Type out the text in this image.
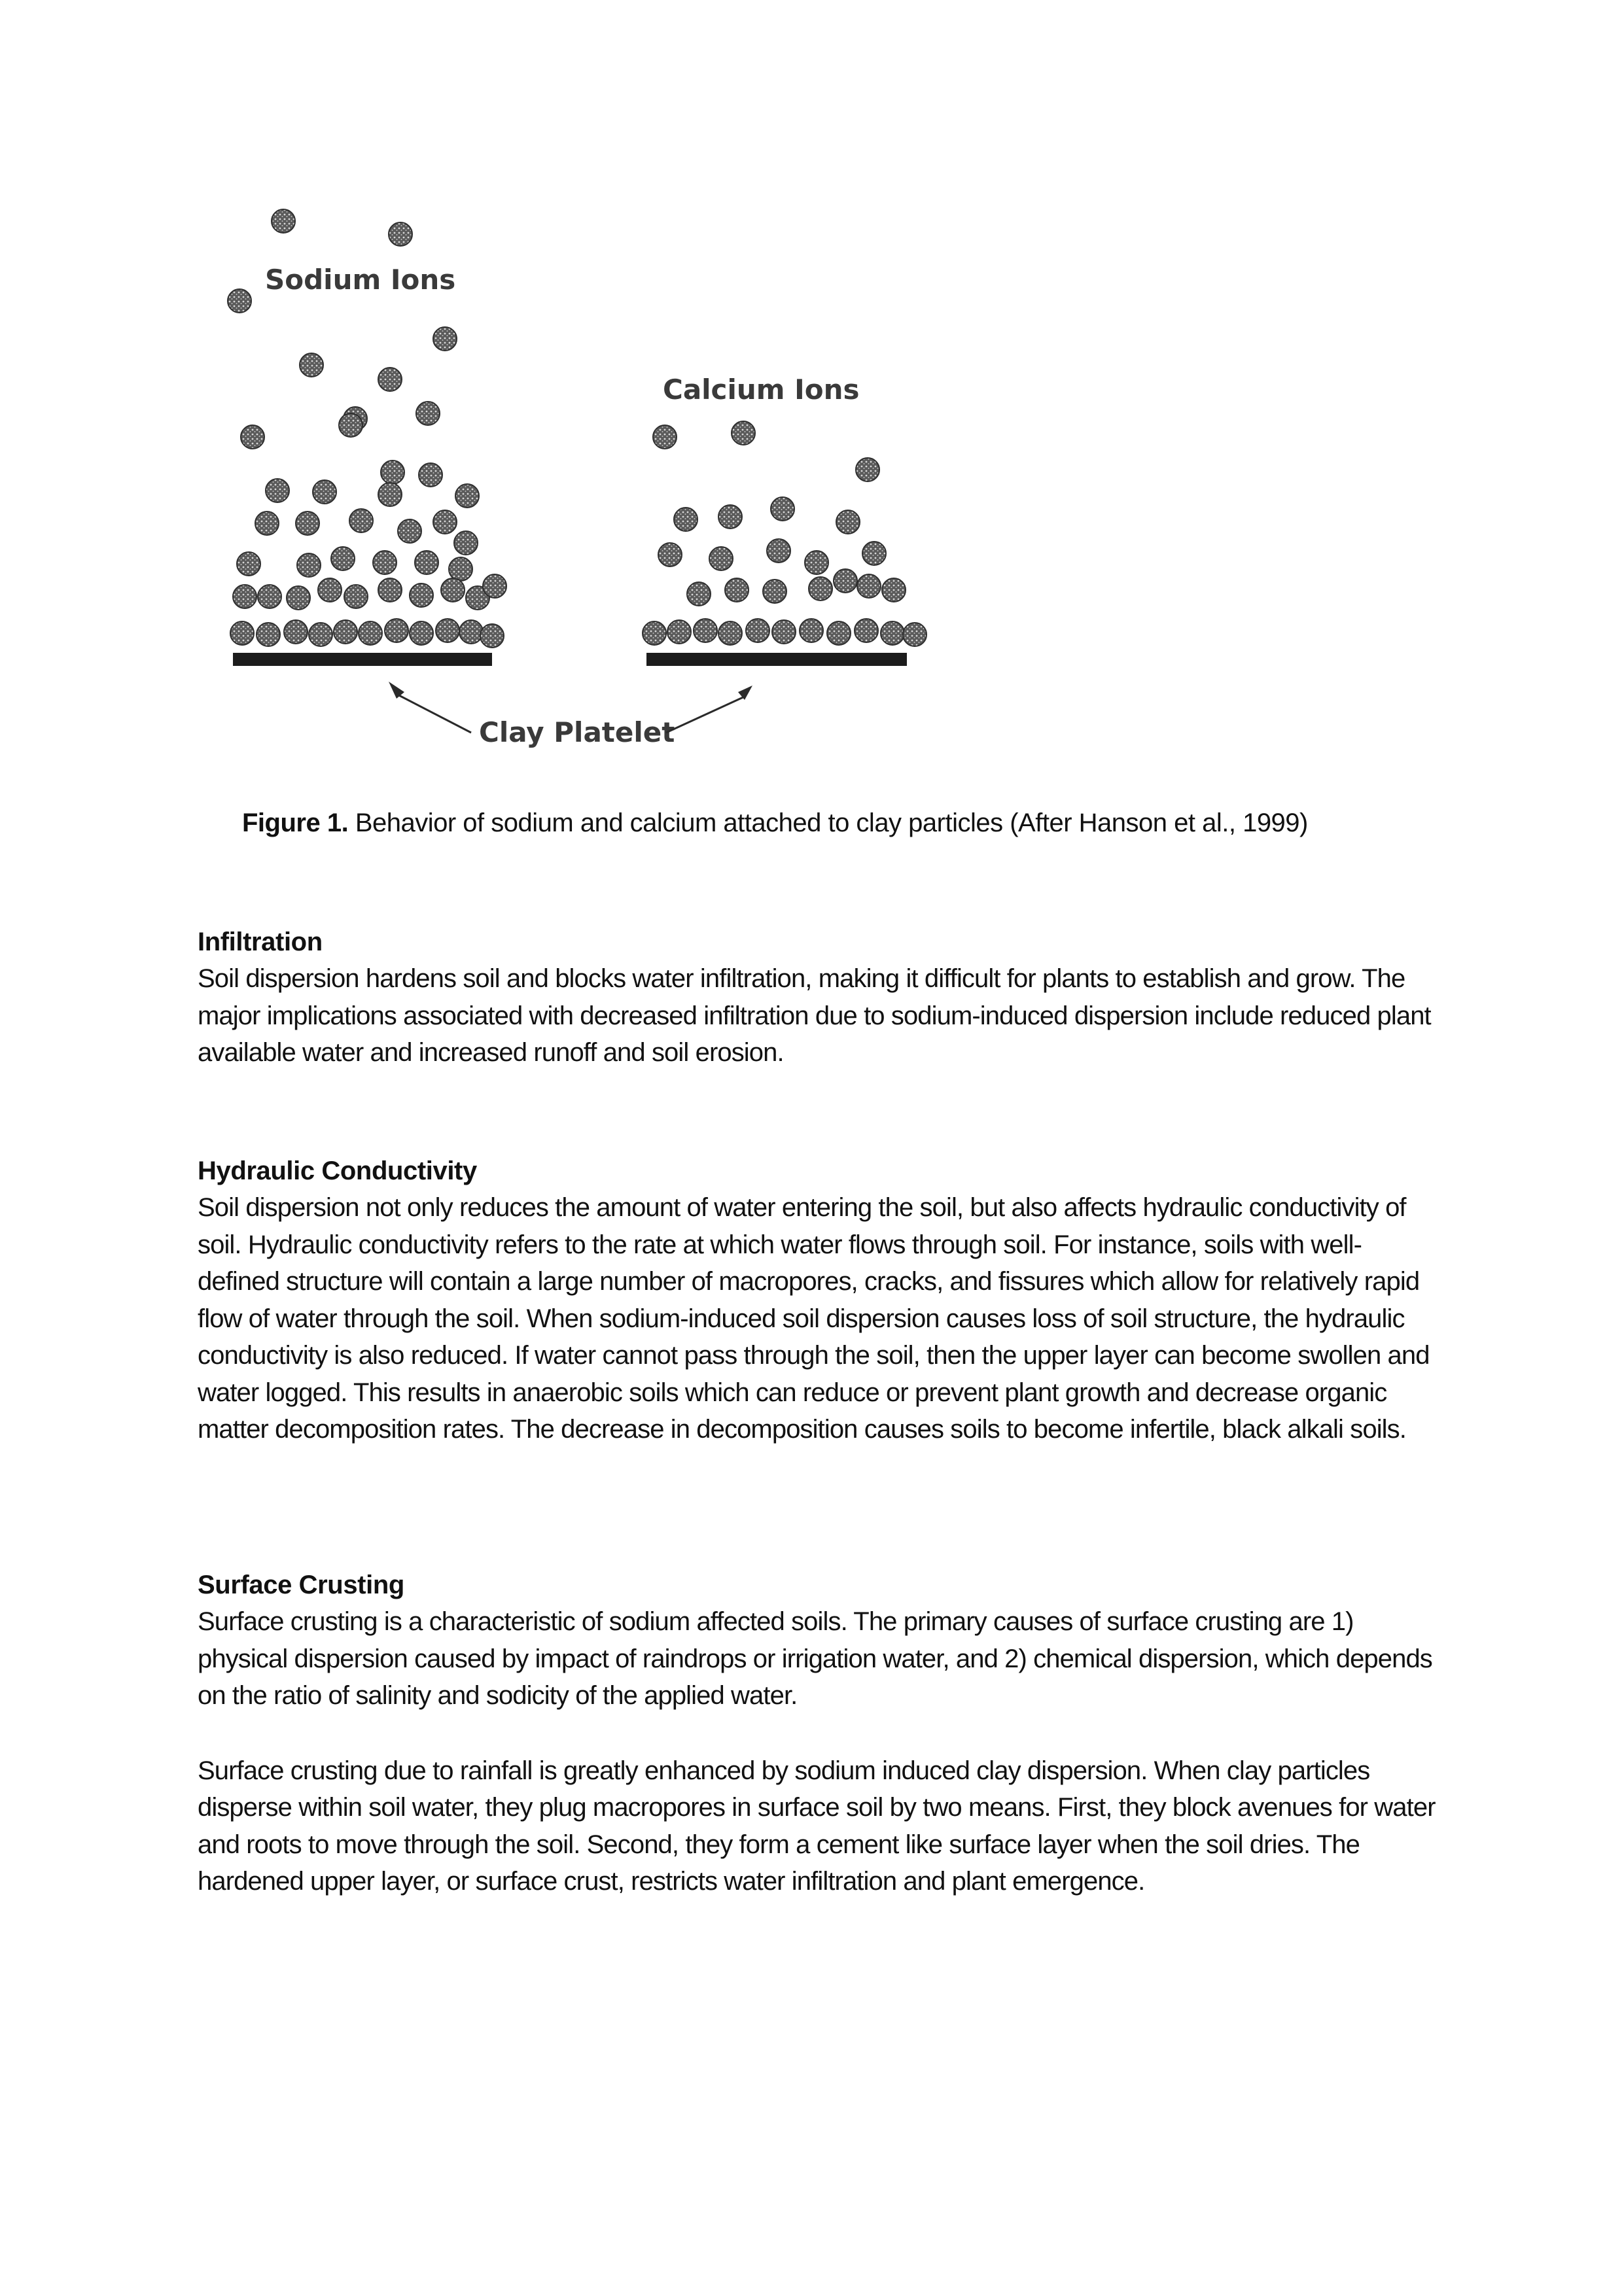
Sodium Ions
Calcium Ions
Clay Platelet
Figure 1. Behavior of sodium and calcium attached to clay particles (After Hanson et al., 1999)
Infiltration

Soil dispersion hardens soil and blocks water infiltration, making it difficult for plants to establish and grow. The major implications associated with decreased infiltration due to sodium-induced dispersion include reduced plant available water and increased runoff and soil erosion.

Hydraulic Conductivity

Soil dispersion not only reduces the amount of water entering the soil, but also affects hydraulic conductivity of soil. Hydraulic conductivity refers to the rate at which water flows through soil. For instance, soils with well-defined structure will contain a large number of macropores, cracks, and fissures which allow for relatively rapid flow of water through the soil. When sodium-induced soil dispersion causes loss of soil structure, the hydraulic conductivity is also reduced. If water cannot pass through the soil, then the upper layer can become swollen and water logged. This results in anaerobic soils which can reduce or prevent plant growth and decrease organic matter decomposition rates. The decrease in decomposition causes soils to become infertile, black alkali soils.

Surface Crusting

Surface crusting is a characteristic of sodium affected soils. The primary causes of surface crusting are 1) physical dispersion caused by impact of raindrops or irrigation water, and 2) chemical dispersion, which depends on the ratio of salinity and sodicity of the applied water.

Surface crusting due to rainfall is greatly enhanced by sodium induced clay dispersion. When clay particles disperse within soil water, they plug macropores in surface soil by two means. First, they block avenues for water and roots to move through the soil. Second, they form a cement like surface layer when the soil dries. The hardened upper layer, or surface crust, restricts water infiltration and plant emergence.
